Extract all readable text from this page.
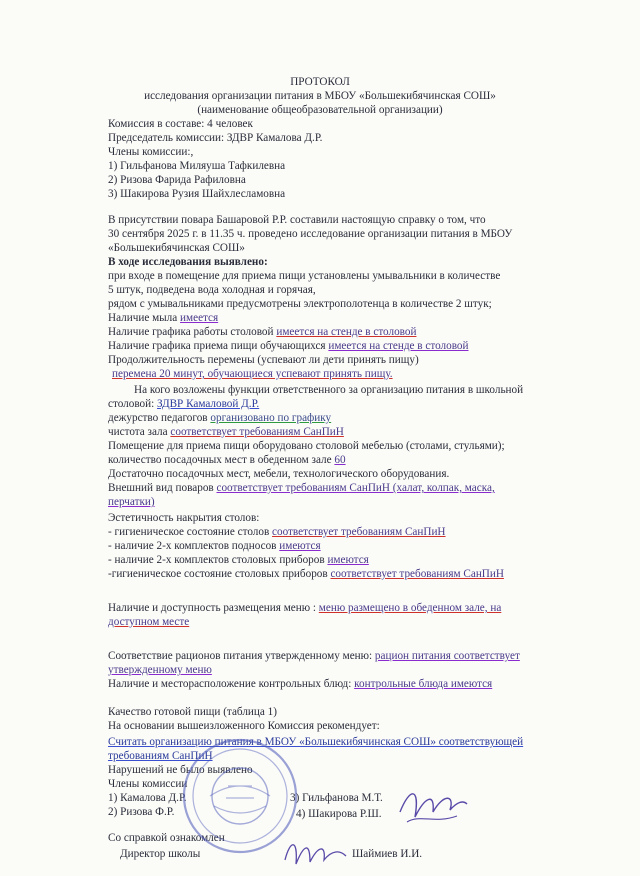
ПРОТОКОЛ
исследования организации питания в МБОУ «Большекибячинская СОШ»
(наименование общеобразовательной организации)
Комиссия в составе: 4 человек
Председатель комиссии: ЗДВР Камалова Д.Р.
Члены комиссии:,
1) Гильфанова Миляуша Тафкилевна
2) Ризова Фарида Рафиловна
3) Шакирова Рузия Шайхлесламовна
В присутствии повара Башаровой Р.Р. составили настоящую справку о том, что
30 сентября 2025 г. в 11.35 ч. проведено исследование организации питания в МБОУ
«Большекибячинская СОШ»
В ходе исследования выявлено:
при входе в помещение для приема пищи установлены умывальники в количестве
5 штук, подведена вода холодная и горячая,
рядом с умывальниками предусмотрены электрополотенца в количестве 2 штук;
Наличие мыла имеется
Наличие графика работы столовой имеется на стенде в столовой
Наличие графика приема пищи обучающихся имеется на стенде в столовой
Продолжительность перемены (успевают ли дети принять пищу)
перемена 20 минут, обучающиеся успевают принять пищу.
На кого возложены функции ответственного за организацию питания в школьной
столовой: ЗДВР Камаловой Д.Р.
дежурство педагогов организовано по графику
чистота зала соответствует требованиям СанПиН
Помещение для приема пищи оборудовано столовой мебелью (столами, стульями);
количество посадочных мест в обеденном зале 60
Достаточно посадочных мест, мебели, технологического оборудования.
Внешний вид поваров соответствует требованиям СанПиН (халат, колпак, маска,
перчатки)
Эстетичность накрытия столов:
- гигиеническое состояние столов соответствует требованиям СанПиН
- наличие 2-х комплектов подносов имеются
- наличие 2-х комплектов столовых приборов имеются
-гигиеническое состояние столовых приборов соответствует требованиям СанПиН
Наличие и доступность размещения меню : меню размещено в обеденном зале, на
доступном месте
Соответствие рационов питания утвержденному меню: рацион питания соответствует
утвержденному меню
Наличие и месторасположение контрольных блюд: контрольные блюда имеются
Качество готовой пищи (таблица 1)
На основании вышеизложенного Комиссия рекомендует:
Считать организацию питания в МБОУ «Большекибячинская СОШ» соответствующей
требованиям СанПиН
Нарушений не было выявлено
Члены комиссии
1) Камалова Д.Р.	3) Гильфанова М.Т.
2) Ризова Ф.Р.	4) Шакирова Р.Ш.
Со справкой ознакомлен
Директор школы	Шаймиев И.И.
